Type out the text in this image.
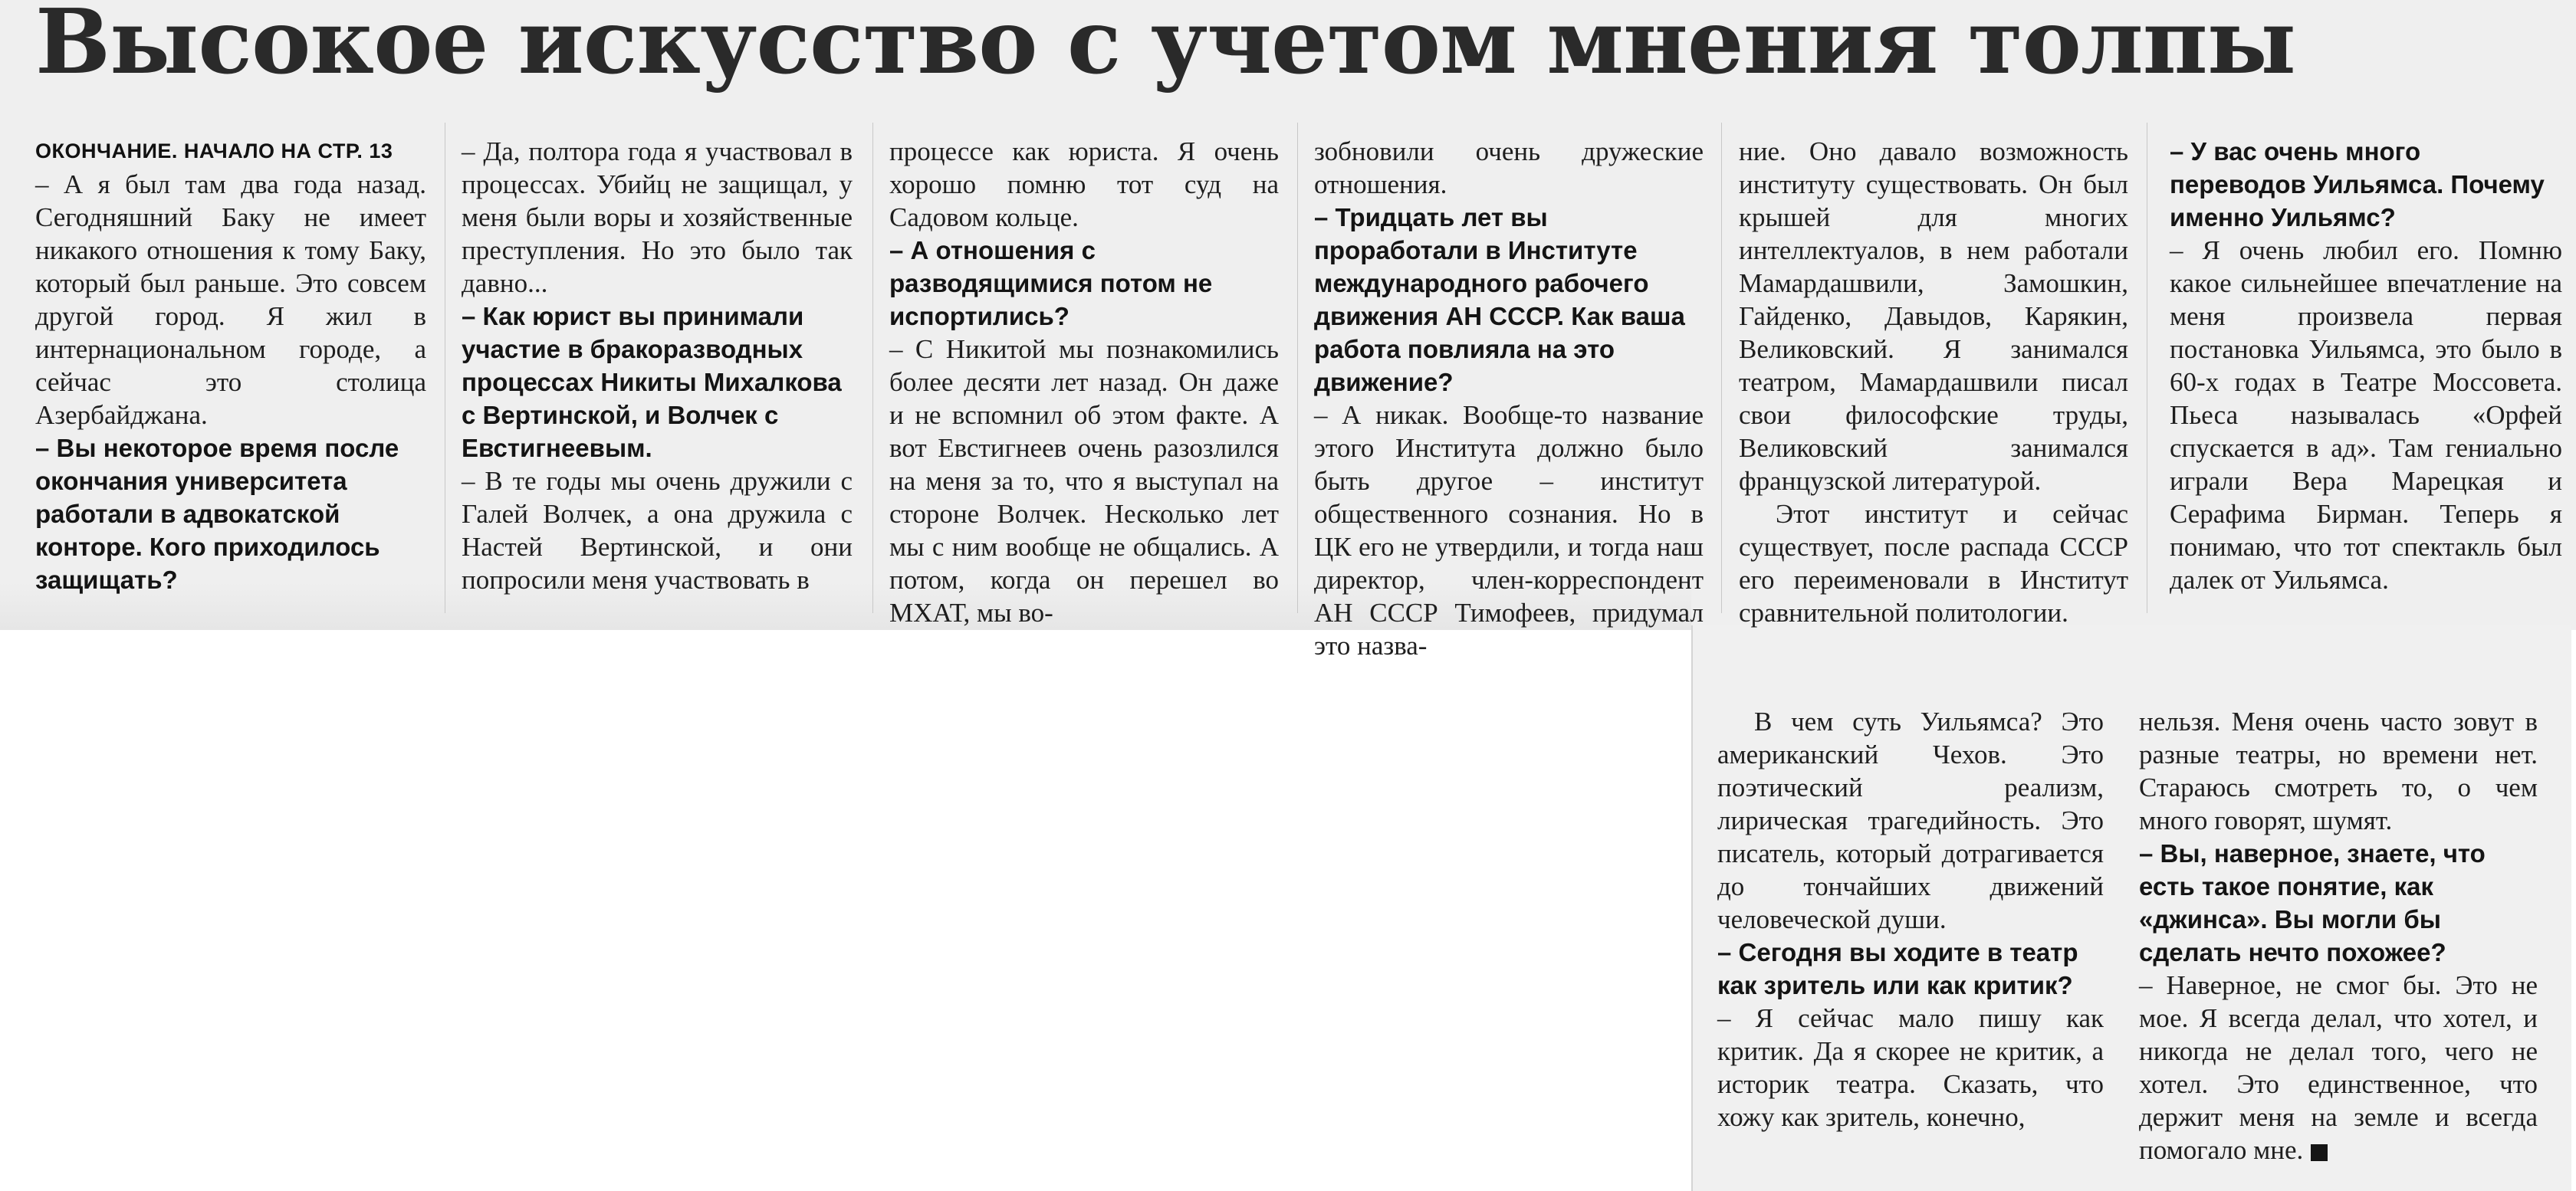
Высокое искусство с учетом мнения толпы

ОКОНЧАНИЕ. НАЧАЛО НА СТР. 13

– А я был там два года назад. Сегодняшний Баку не имеет никакого отношения к тому Баку, который был раньше. Это совсем другой город. Я жил в интернациональном городе, а сейчас это столица Азербайджана.

– Вы некоторое время после окончания университета работали в адвокатской конторе. Кого приходилось защищать?

– Да, полтора года я участвовал в процессах. Убийц не защищал, у меня были воры и хозяйственные преступления. Но это было так давно...

– Как юрист вы принимали участие в бракоразводных процессах Никиты Михалкова с Вертинской, и Волчек с Евстигнеевым.

– В те годы мы очень дружили с Галей Волчек, а она дружила с Настей Вертинской, и они попросили меня участвовать в

процессе как юриста. Я очень хорошо помню тот суд на Садовом кольце.

– А отношения с разводящимися потом не испортились?

– С Никитой мы познакомились более десяти лет назад. Он даже и не вспомнил об этом факте. А вот Евстигнеев очень разозлился на меня за то, что я выступал на стороне Волчек. Несколько лет мы с ним вообще не общались. А потом, когда он перешел во МХАТ, мы во-

зобновили очень дружеские отношения.

– Тридцать лет вы проработали в Институте международного рабочего движения АН СССР. Как ваша работа повлияла на это движение?

– А никак. Вообще-то название этого Института должно было быть другое – институт общественного сознания. Но в ЦК его не утвердили, и тогда наш директор, член-корреспондент АН СССР Тимофеев, придумал это назва-

ние. Оно давало возможность институту существовать. Он был крышей для многих интеллектуалов, в нем работали Мамардашвили, Замошкин, Гайденко, Давыдов, Карякин, Великовский. Я занимался театром, Мамардашвили писал свои философские труды, Великовский занимался французской литературой.

Этот институт и сейчас существует, после распада СССР его переименовали в Институт сравнительной политологии.

– У вас очень много переводов Уильямса. Почему именно Уильямс?

– Я очень любил его. Помню какое сильнейшее впечатление на меня произвела первая постановка Уильямса, это было в 60-х годах в Театре Моссовета. Пьеса называлась «Орфей спускается в ад». Там гениально играли Вера Марецкая и Серафима Бирман. Теперь я понимаю, что тот спектакль был далек от Уильямса.

В чем суть Уильямса? Это американский Чехов. Это поэтический реализм, лирическая трагедийность. Это писатель, который дотрагивается до тончайших движений человеческой души.

– Сегодня вы ходите в театр как зритель или как критик?

– Я сейчас мало пишу как критик. Да я скорее не критик, а историк театра. Сказать, что хожу как зритель, конечно,

нельзя. Меня очень часто зовут в разные театры, но времени нет. Стараюсь смотреть то, о чем много говорят, шумят.

– Вы, наверное, знаете, что есть такое понятие, как «джинса». Вы могли бы сделать нечто похожее?

– Наверное, не смог бы. Это не мое. Я всегда делал, что хотел, и никогда не делал того, чего не хотел. Это единственное, что держит меня на земле и всегда помогало мне.
